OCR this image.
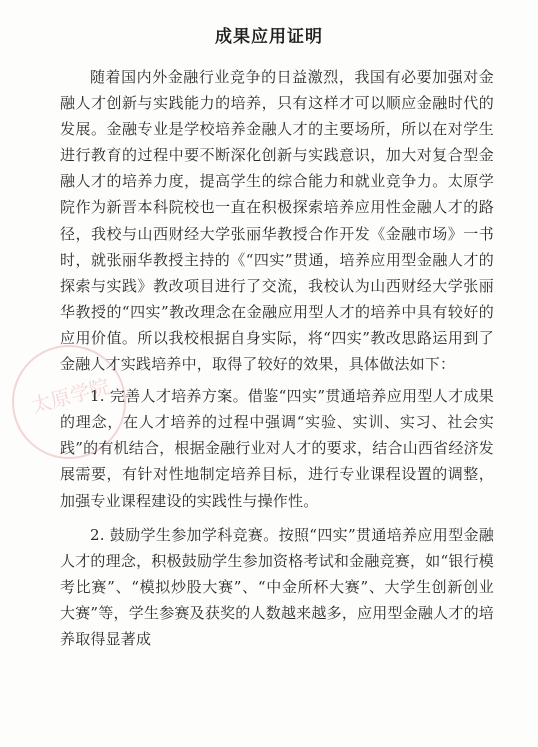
太原学院
成果应用证明

随着国内外金融行业竞争的日益激烈，我国有必要加强对金融人才创新与实践能力的培养，只有这样才可以顺应金融时代的发展。金融专业是学校培养金融人才的主要场所，所以在对学生进行教育的过程中要不断深化创新与实践意识，加大对复合型金融人才的培养力度，提高学生的综合能力和就业竞争力。太原学院作为新晋本科院校也一直在积极探索培养应用性金融人才的路径，我校与山西财经大学张丽华教授合作开发《金融市场》一书时，就张丽华教授主持的《“四实”贯通，培养应用型金融人才的探索与实践》教改项目进行了交流，我校认为山西财经大学张丽华教授的“四实”教改理念在金融应用型人才的培养中具有较好的应用价值。所以我校根据自身实际，将“四实”教改思路运用到了金融人才实践培养中，取得了较好的效果，具体做法如下：

1. 完善人才培养方案。借鉴“四实”贯通培养应用型人才成果的理念，在人才培养的过程中强调“实验、实训、实习、社会实践”的有机结合，根据金融行业对人才的要求，结合山西省经济发展需要，有针对性地制定培养目标，进行专业课程设置的调整，加强专业课程建设的实践性与操作性。

2. 鼓励学生参加学科竞赛。按照“四实”贯通培养应用型金融人才的理念，积极鼓励学生参加资格考试和金融竞赛，如“银行模考比赛”、“模拟炒股大赛”、“中金所杯大赛”、大学生创新创业大赛”等，学生参赛及获奖的人数越来越多，应用型金融人才的培养取得显著成
